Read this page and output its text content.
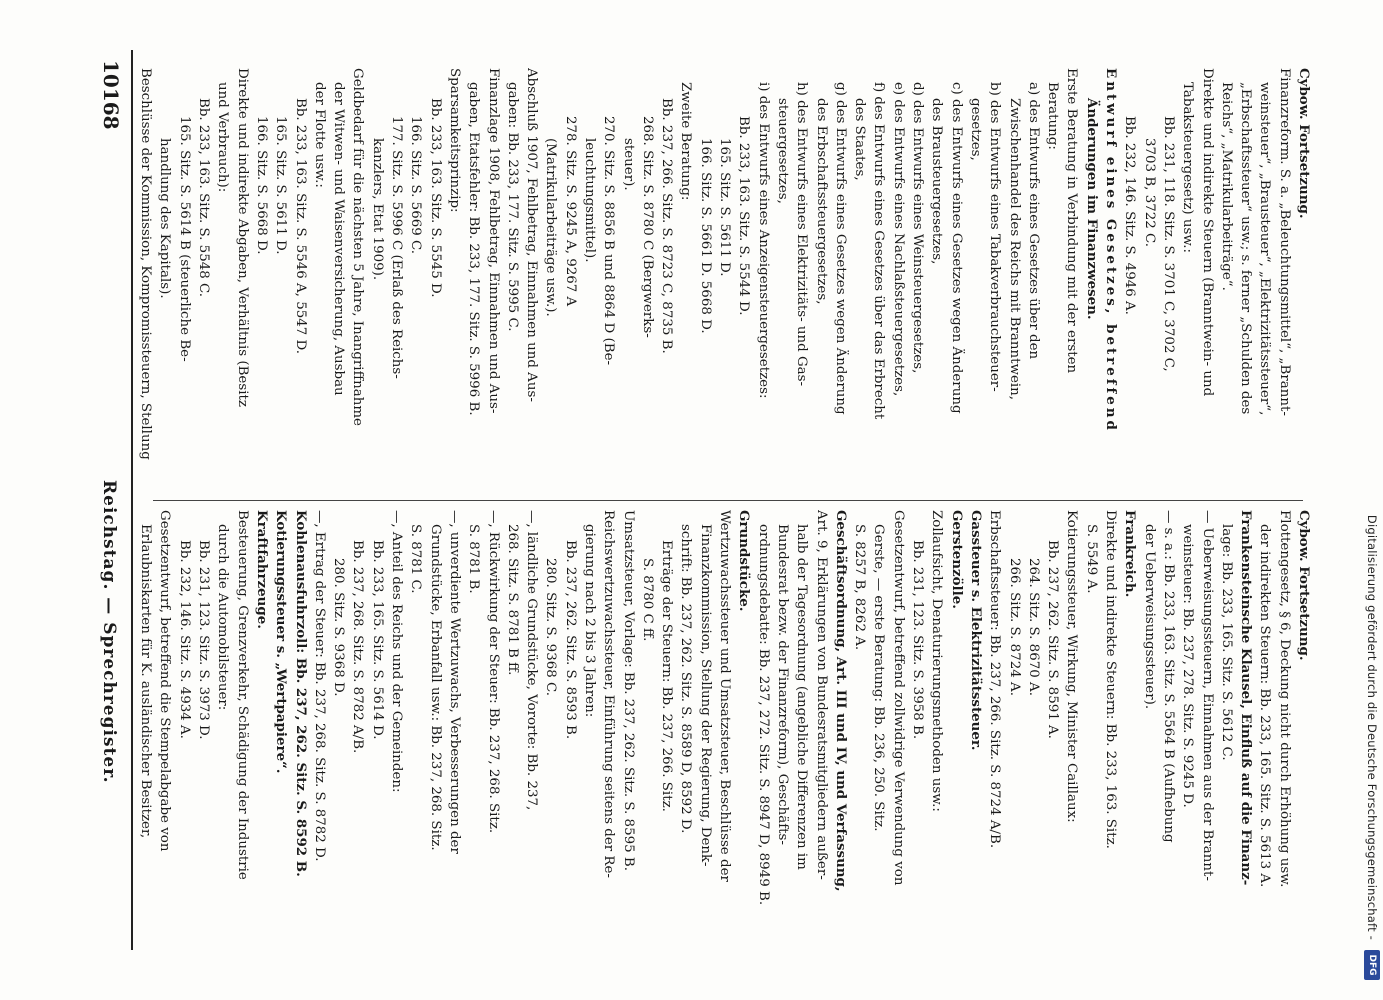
Digitalisierung gefördert durch die Deutsche Forschungsgemeinschaft -
DFG
Cybow. Fortsetzung.
Finanzreform. S. a. „Beleuchtungsmittel“, „Brannt-
weinsteuer“, „Brausteuer“, „Elektrizitätssteuer“,
„Erbschaftssteuer“ usw.; s. ferner „Schulden des
Reichs“, „Matrikularbeiträge“.
Direkte und indirekte Steuern (Branntwein- und
Tabaksteuergesetz) usw.:
Bb. 231, 118. Sitz. S. 3701 C, 3702 C,
3703 B, 3722 C.
Bb. 232, 146. Sitz. S. 4946 A.
Entwurf eines Gesetzes, betreffend
Änderungen im Finanzwesen.
Erste Beratung in Verbindung mit der ersten
Beratung:
a) des Entwurfs eines Gesetzes über den
Zwischenhandel des Reichs mit Branntwein,
b) des Entwurfs eines Tabakverbrauchsteuer-
gesetzes,
c) des Entwurfs eines Gesetzes wegen Änderung
des Brausteuergesetzes,
d) des Entwurfs eines Weinsteuergesetzes,
e) des Entwurfs eines Nachlaßsteuergesetzes,
f) des Entwurfs eines Gesetzes über das Erbrecht
des Staates,
g) des Entwurfs eines Gesetzes wegen Änderung
des Erbschaftssteuergesetzes,
h) des Entwurfs eines Elektrizitäts- und Gas-
steuergesetzes,
i) des Entwurfs eines Anzeigensteuergesetzes:
Bb. 233, 163. Sitz. S. 5544 D.
165. Sitz. S. 5611 D.
166. Sitz. S. 5661 D. 5668 D.
Zweite Beratung:
Bb. 237, 266. Sitz. S. 8723 C, 8735 B.
268. Sitz. S. 8780 C (Bergwerks-
steuer).
270. Sitz. S. 8856 B und 8864 D (Be-
leuchtungsmittel).
278. Sitz. S. 9245 A, 9267 A
(Matrikularbeiträge usw.).
Abschluß 1907, Fehlbetrag, Einnahmen und Aus-
gaben: Bb. 233, 177. Sitz. S. 5995 C.
Finanzlage 1908, Fehlbetrag, Einnahmen und Aus-
gaben, Etatsfehler: Bb. 233, 177. Sitz. S. 5996 B.
Sparsamkeitsprinzip:
Bb. 233, 163. Sitz. S. 5545 D.
166. Sitz. S. 5669 C.
177. Sitz. S. 5996 C (Erlaß des Reichs-
kanzlers, Etat 1909).
Geldbedarf für die nächsten 5 Jahre, Inangriffnahme
der Witwen- und Waisenversicherung, Ausbau
der Flotte usw.:
Bb. 233, 163. Sitz. S. 5546 A, 5547 D.
165. Sitz. S. 5611 D.
166. Sitz. S. 5668 D.
Direkte und indirekte Abgaben, Verhältnis (Besitz
und Verbrauch):
Bb. 233, 163. Sitz. S. 5548 C.
165. Sitz. S. 5614 B (steuerliche Be-
handlung des Kapitals).
Beschlüsse der Kommission, Kompromissteuern, Stellung
Cybow. Fortsetzung.
Flottengesetz, § 6, Deckung nicht durch Erhöhung usw.
der indirekten Steuern: Bb. 233, 165. Sitz. S. 5613 A.
Frankensteinsche Klausel, Einfluß auf die Finanz-
lage: Bb. 233, 165. Sitz. S. 5612 C.
— Ueberweisungssteuern, Einnahmen aus der Brannt-
weinsteuer: Bb. 237, 278. Sitz. S. 9245 D.
— s. a.: Bb. 233, 163. Sitz. S. 5564 B (Aufhebung
der Ueberweisungssteuer).
Frankreich.
Direkte und indirekte Steuern: Bb. 233, 163. Sitz.
S. 5549 A.
Kotierungssteuer, Wirkung, Minister Caillaux:
Bb. 237, 262. Sitz. S. 8591 A.
264. Sitz. S. 8670 A.
266. Sitz. S. 8724 A.
Erbschaftssteuer: Bb. 237, 266. Sitz. S. 8724 A/B.
Gassteuer s. Elektrizitätssteuer.
Gerstenzölle.
Zollaufsicht, Denaturierungsmethoden usw.:
Bb. 231, 123. Sitz. S. 3958 B.
Gesetzentwurf, betreffend zollwidrige Verwendung von
Gerste, — erste Beratung: Bb. 236, 250. Sitz.
S. 8257 B, 8262 A.
Geschäftsordnung, Art. III und IV, und Verfassung,
Art. 9, Erklärungen von Bundesratsmitgliedern außer-
halb der Tagesordnung (angebliche Differenzen im
Bundesrat bezw. der Finanzreform), Geschäfts-
ordnungsdebatte: Bb. 237, 272. Sitz. S. 8947 D, 8949 B.
Grundstücke.
Wertzuwachssteuer und Umsatzsteuer, Beschlüsse der
Finanzkommission, Stellung der Regierung, Denk-
schrift: Bb. 237, 262. Sitz. S. 8589 D, 8592 D.
Erträge der Steuern: Bb. 237, 266. Sitz.
S. 8780 C ff.
Umsatzsteuer, Vorlage: Bb. 237, 262. Sitz. S. 8595 B.
Reichswertzuwachssteuer, Einführung seitens der Re-
gierung nach 2 bis 3 Jahren:
Bb. 237, 262. Sitz. S. 8593 B.
280. Sitz. S. 9368 C.
—, ländliche Grundstücke, Vororte: Bb. 237,
268. Sitz. S. 8781 B ff.
—, Rückwirkung der Steuer: Bb. 237, 268. Sitz.
S. 8781 B.
—, unverdiente Wertzuwachs, Verbesserungen der
Grundstücke, Erbanfall usw.: Bb. 237, 268. Sitz.
S. 8781 C.
—, Anteil des Reichs und der Gemeinden:
Bb. 233, 165. Sitz. S. 5614 D.
Bb. 237, 268. Sitz. S. 8782 A/B.
280. Sitz. S. 9368 D.
—, Ertrag der Steuer: Bb. 237, 268. Sitz. S. 8782 D.
Kohlenausfuhrzoll: Bb. 237, 262. Sitz. S. 8592 B.
Kotierungssteuer s. „Wertpapiere“.
Kraftfahrzeuge.
Besteuerung, Grenzverkehr, Schädigung der Industrie
durch die Automobilsteuer:
Bb. 231, 123. Sitz. S. 3973 D.
Bb. 232, 146. Sitz. S. 4934 A.
Gesetzentwurf, betreffend die Stempelabgabe von
Erlaubniskarten für K. ausländischer Besitzer,
10168
Reichstag. — Sprechregister.
